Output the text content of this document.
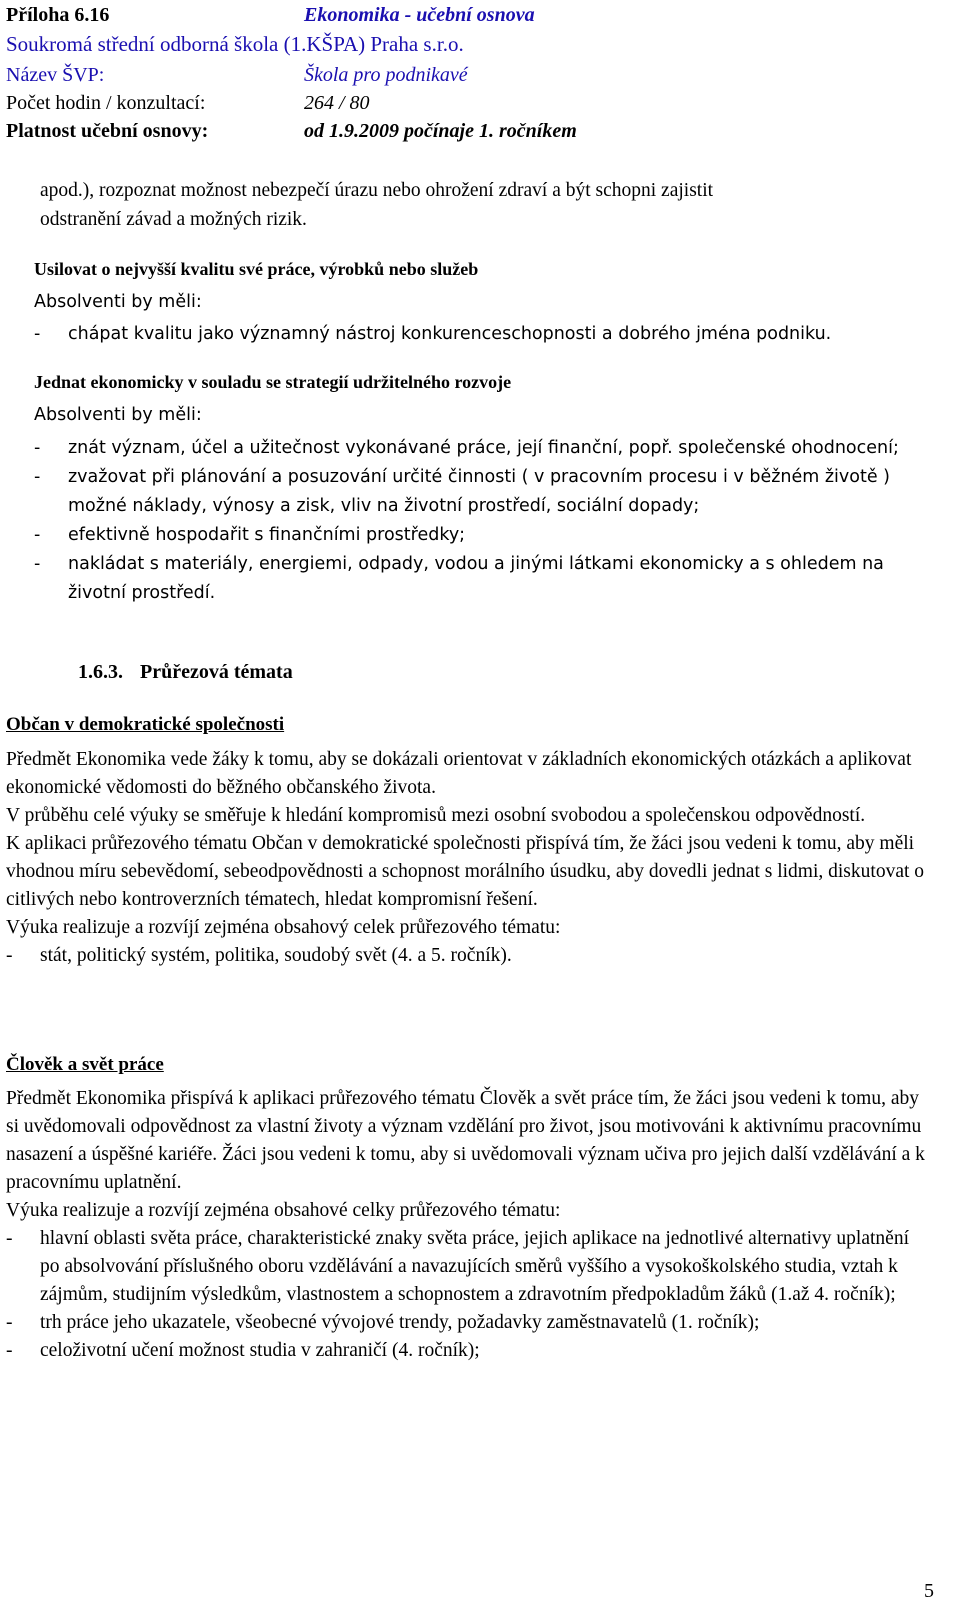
Příloha 6.16	Ekonomika - učební osnova
Soukromá střední odborná škola (1.KŠPA) Praha s.r.o.
Název ŠVP:	Škola pro podnikavé
Počet hodin / konzultací:	264 / 80
Platnost učební osnovy:	od 1.9.2009 počínaje 1. ročníkem
apod.), rozpoznat možnost nebezpečí úrazu nebo ohrožení zdraví a být schopni zajistit
odstranění závad a možných rizik.
Usilovat o nejvyšší kvalitu své práce, výrobků nebo služeb
Absolventi by měli:
- chápat kvalitu jako významný nástroj konkurenceschopnosti a dobrého jména podniku.
Jednat ekonomicky v souladu se strategií udržitelného rozvoje
Absolventi by měli:
- znát význam, účel a užitečnost vykonávané práce, její finanční, popř. společenské ohodnocení;
- zvažovat při plánování a posuzování určité činnosti ( v pracovním procesu i v běžném životě ) možné náklady, výnosy a zisk, vliv na životní prostředí, sociální dopady;
- efektivně hospodařit s finančními prostředky;
- nakládat s materiály, energiemi, odpady, vodou a jinými látkami ekonomicky a s ohledem na životní prostředí.
1.6.3. Průřezová témata
Občan v demokratické společnosti

Předmět Ekonomika vede žáky k tomu, aby se dokázali orientovat v základních ekonomických otázkách a aplikovat ekonomické vědomosti do běžného občanského života.

V průběhu celé výuky se směřuje k hledání kompromisů mezi osobní svobodou a společenskou odpovědností.

K aplikaci průřezového tématu Občan v demokratické společnosti přispívá tím, že žáci jsou vedeni k tomu, aby měli vhodnou míru sebevědomí, sebeodpovědnosti a schopnost morálního úsudku, aby dovedli jednat s lidmi, diskutovat o citlivých nebo kontroverzních tématech, hledat kompromisní řešení.

Výuka realizuje a rozvíjí zejména obsahový celek průřezového tématu:

- stát, politický systém, politika, soudobý svět (4. a 5. ročník).
Člověk a svět práce

Předmět Ekonomika přispívá k aplikaci průřezového tématu Člověk a svět práce tím, že žáci jsou vedeni k tomu, aby si uvědomovali odpovědnost za vlastní životy a význam vzdělání pro život, jsou motivováni k aktivnímu pracovnímu nasazení a úspěšné kariéře. Žáci jsou vedeni k tomu, aby si uvědomovali význam učiva pro jejich další vzdělávání a k pracovnímu uplatnění.

Výuka realizuje a rozvíjí zejména obsahové celky průřezového tématu:

- hlavní oblasti světa práce, charakteristické znaky světa práce, jejich aplikace na jednotlivé alternativy uplatnění po absolvování příslušného oboru vzdělávání a navazujících směrů vyššího a vysokoškolského studia, vztah k zájmům, studijním výsledkům, vlastnostem a schopnostem a zdravotním předpokladům žáků (1.až 4. ročník);
- trh práce jeho ukazatele, všeobecné vývojové trendy, požadavky zaměstnavatelů (1. ročník);
- celoživotní učení možnost studia v zahraničí (4. ročník);
5
